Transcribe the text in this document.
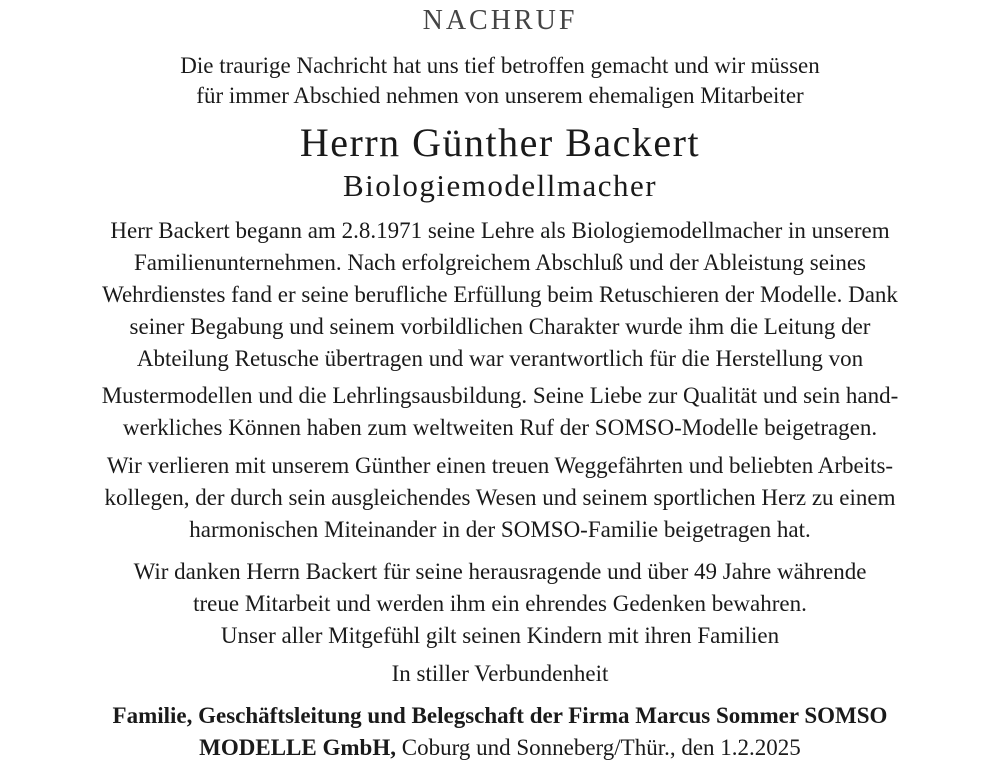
NACHRUF
Die traurige Nachricht hat uns tief betroffen gemacht und wir müssen
für immer Abschied nehmen von unserem ehemaligen Mitarbeiter
Herrn Günther Backert
Biologiemodellmacher
Herr Backert begann am 2.8.1971 seine Lehre als Biologiemodellmacher in unserem
Familienunternehmen. Nach erfolgreichem Abschluß und der Ableistung seines
Wehrdienstes fand er seine berufliche Erfüllung beim Retuschieren der Modelle. Dank
seiner Begabung und seinem vorbildlichen Charakter wurde ihm die Leitung der
Abteilung Retusche übertragen und war verantwortlich für die Herstellung von
Mustermodellen und die Lehrlingsausbildung. Seine Liebe zur Qualität und sein hand-
werkliches Können haben zum weltweiten Ruf der SOMSO-Modelle beigetragen.
Wir verlieren mit unserem Günther einen treuen Weggefährten und beliebten Arbeits-
kollegen, der durch sein ausgleichendes Wesen und seinem sportlichen Herz zu einem
harmonischen Miteinander in der SOMSO-Familie beigetragen hat.
Wir danken Herrn Backert für seine herausragende und über 49 Jahre währende
treue Mitarbeit und werden ihm ein ehrendes Gedenken bewahren.
Unser aller Mitgefühl gilt seinen Kindern mit ihren Familien
In stiller Verbundenheit
Familie, Geschäftsleitung und Belegschaft der Firma Marcus Sommer SOMSO
MODELLE GmbH, Coburg und Sonneberg/Thür., den 1.2.2025
